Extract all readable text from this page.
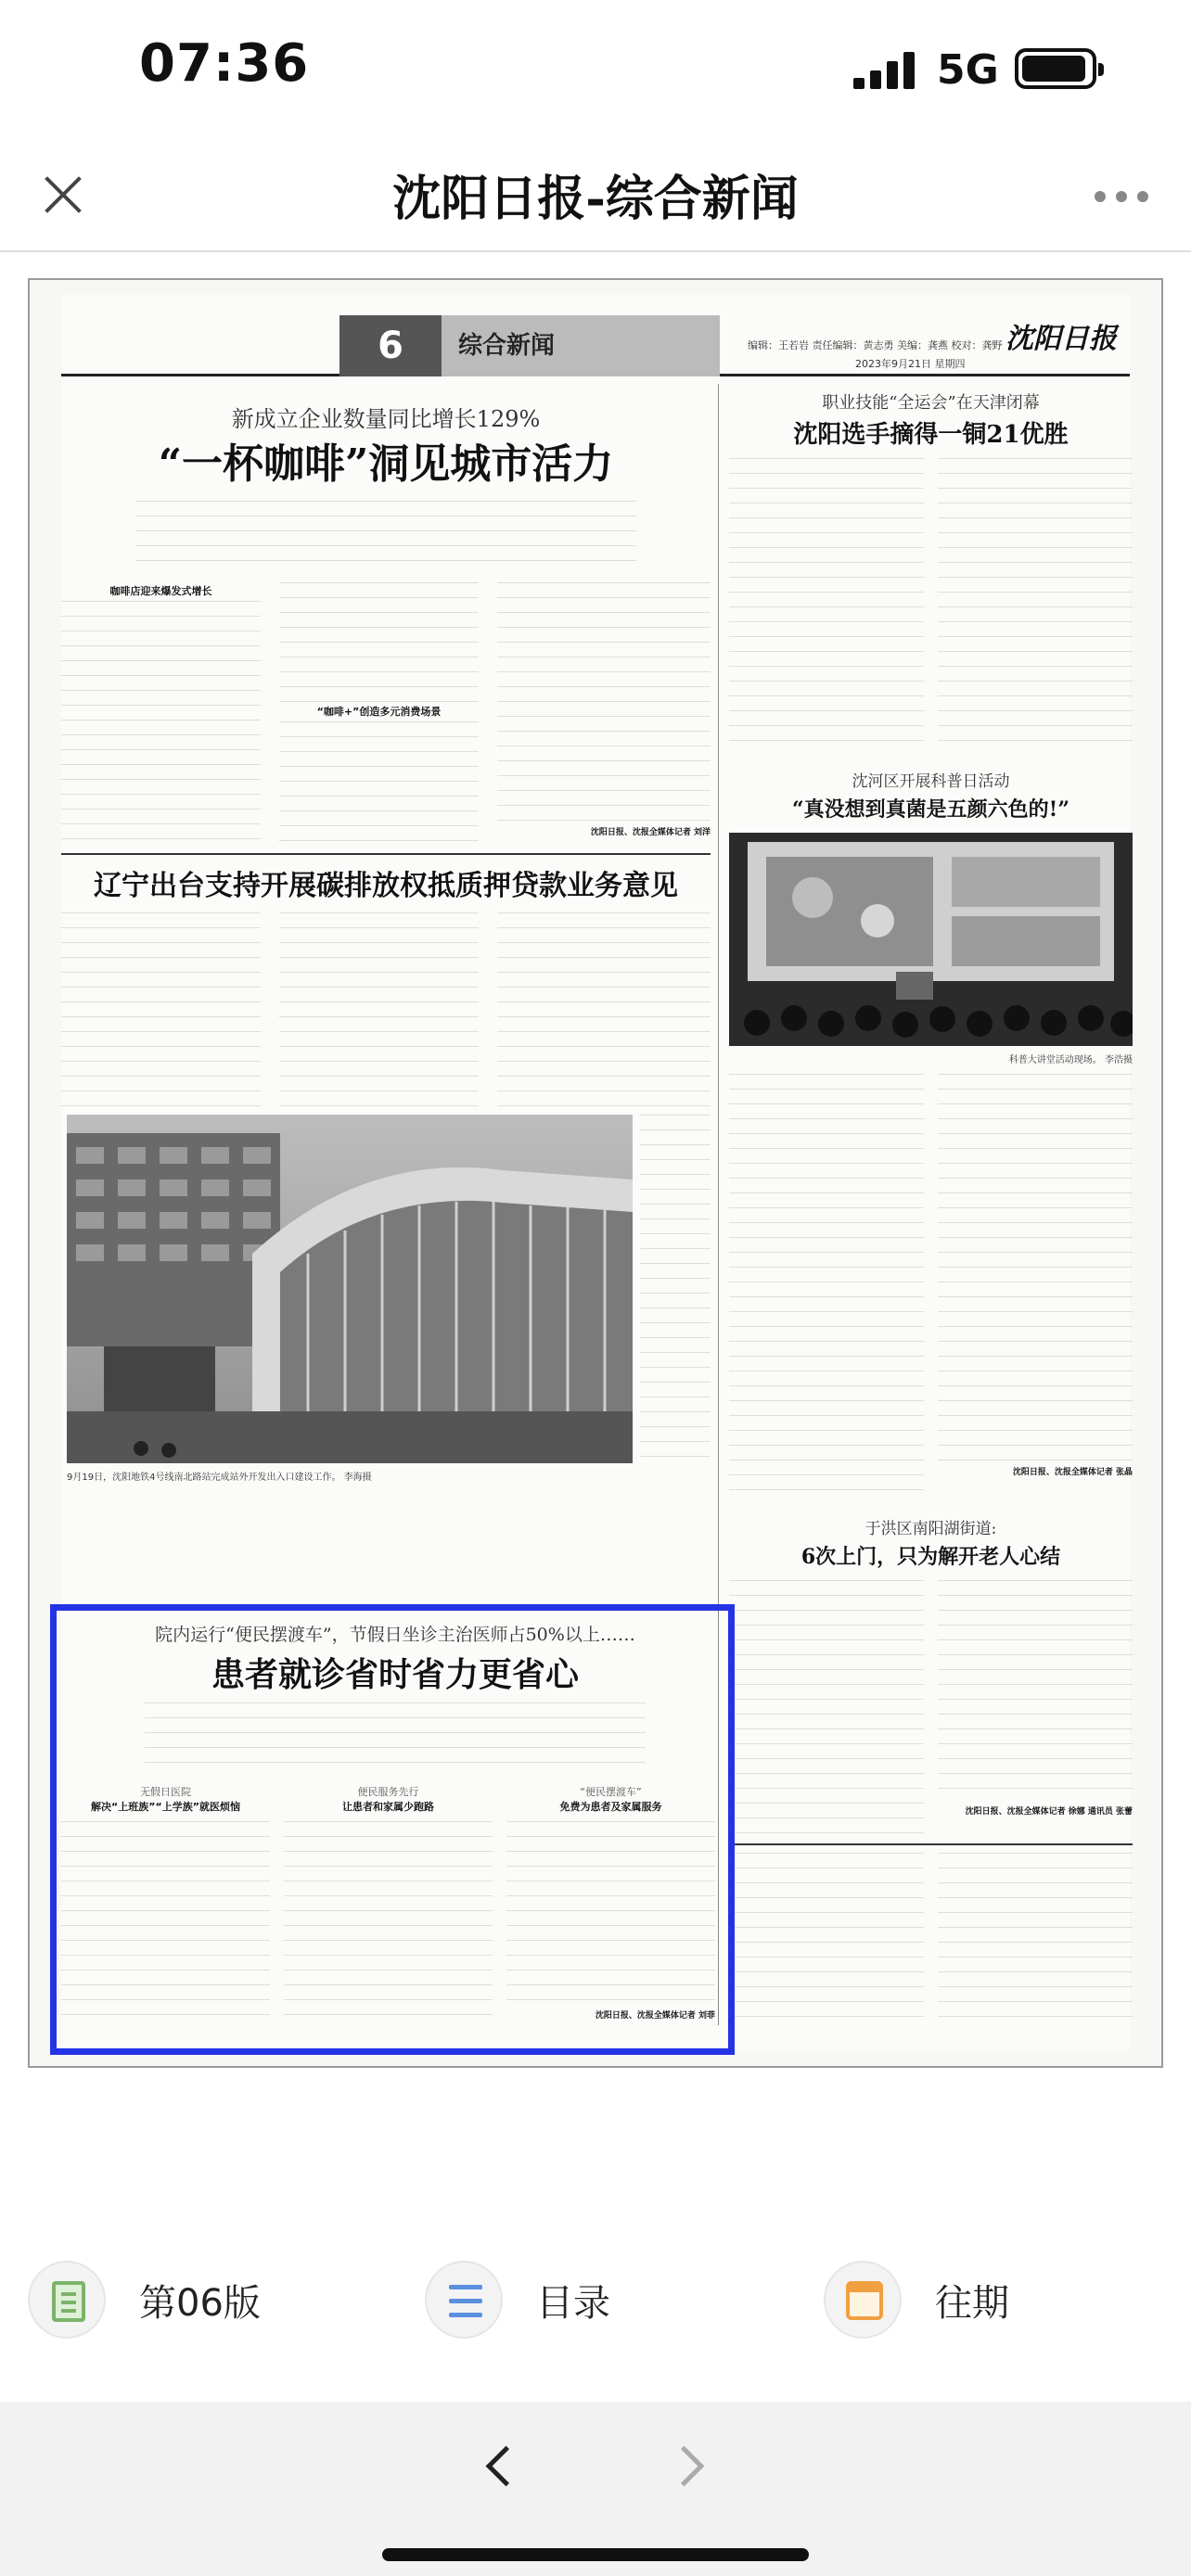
07:36	5G
沈阳日报-综合新闻
6	综合新闻	编辑：王若岩 责任编辑：黄志勇 美编：龚燕 校对：龚野
2023年9月21日 星期四
沈阳日报
新成立企业数量同比增长129%
“一杯咖啡”洞见城市活力
咖啡店迎来爆发式增长
“咖啡+”创造多元消费场景
沈阳日报、沈报全媒体记者 刘洋
辽宁出台支持开展碳排放权抵质押贷款业务意见
9月19日，沈阳地铁4号线南北路站完成站外开发出入口建设工作。 李海摄
职业技能“全运会”在天津闭幕
沈阳选手摘得一铜21优胜
沈河区开展科普日活动
“真没想到真菌是五颜六色的!”
科普大讲堂活动现场。 李浩摄
沈阳日报、沈报全媒体记者 张晶
于洪区南阳湖街道:
6次上门，只为解开老人心结
沈阳日报、沈报全媒体记者 徐娜 通讯员 张蕾
院内运行“便民摆渡车”，节假日坐诊主治医师占50%以上……
患者就诊省时省力更省心
无假日医院
解决“上班族”“上学族”就医烦恼
便民服务先行
让患者和家属少跑路
“便民摆渡车”
免费为患者及家属服务
沈阳日报、沈报全媒体记者 刘菲
第06版	目录	往期
